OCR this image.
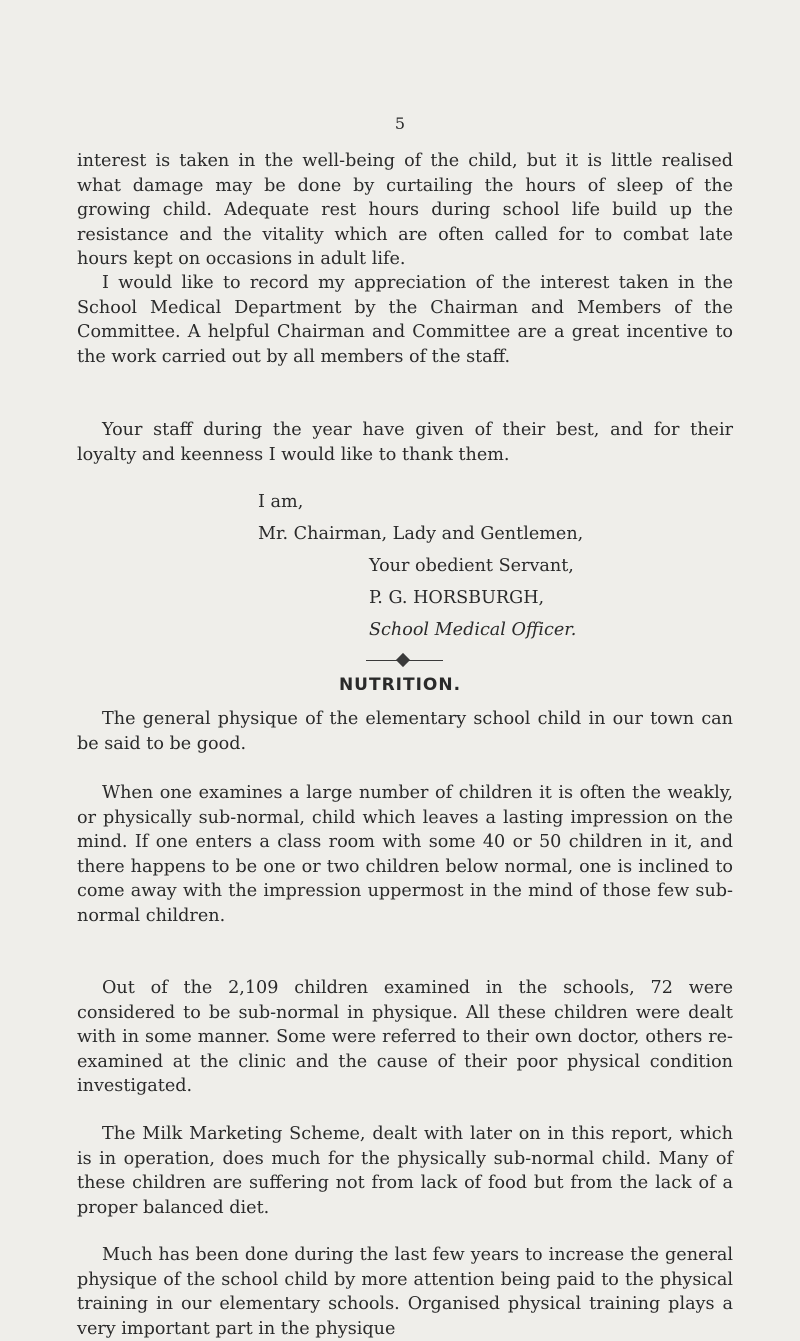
5

interest is taken in the well-being of the child, but it is little realised what damage may be done by curtailing the hours of sleep of the growing child. Adequate rest hours during school life build up the resistance and the vitality which are often called for to combat late hours kept on occasions in adult life.

I would like to record my appreciation of the interest taken in the School Medical Department by the Chairman and Members of the Committee. A helpful Chairman and Committee are a great incentive to the work carried out by all members of the staff.

Your staff during the year have given of their best, and for their loyalty and keenness I would like to thank them.

I am,
Mr. Chairman, Lady and Gentlemen,
Your obedient Servant,
P. G. HORSBURGH,
School Medical Officer.
NUTRITION.

The general physique of the elementary school child in our town can be said to be good.

When one examines a large number of children it is often the weakly, or physically sub-normal, child which leaves a lasting impression on the mind. If one enters a class room with some 40 or 50 children in it, and there happens to be one or two children below normal, one is inclined to come away with the impression uppermost in the mind of those few sub-normal children.

Out of the 2,109 children examined in the schools, 72 were considered to be sub-normal in physique. All these children were dealt with in some manner. Some were referred to their own doctor, others re-examined at the clinic and the cause of their poor physical condition investigated.

The Milk Marketing Scheme, dealt with later on in this report, which is in operation, does much for the physically sub-normal child. Many of these children are suffering not from lack of food but from the lack of a proper balanced diet.

Much has been done during the last few years to increase the general physique of the school child by more attention being paid to the physical training in our elementary schools. Organised physical training plays a very important part in the physique
